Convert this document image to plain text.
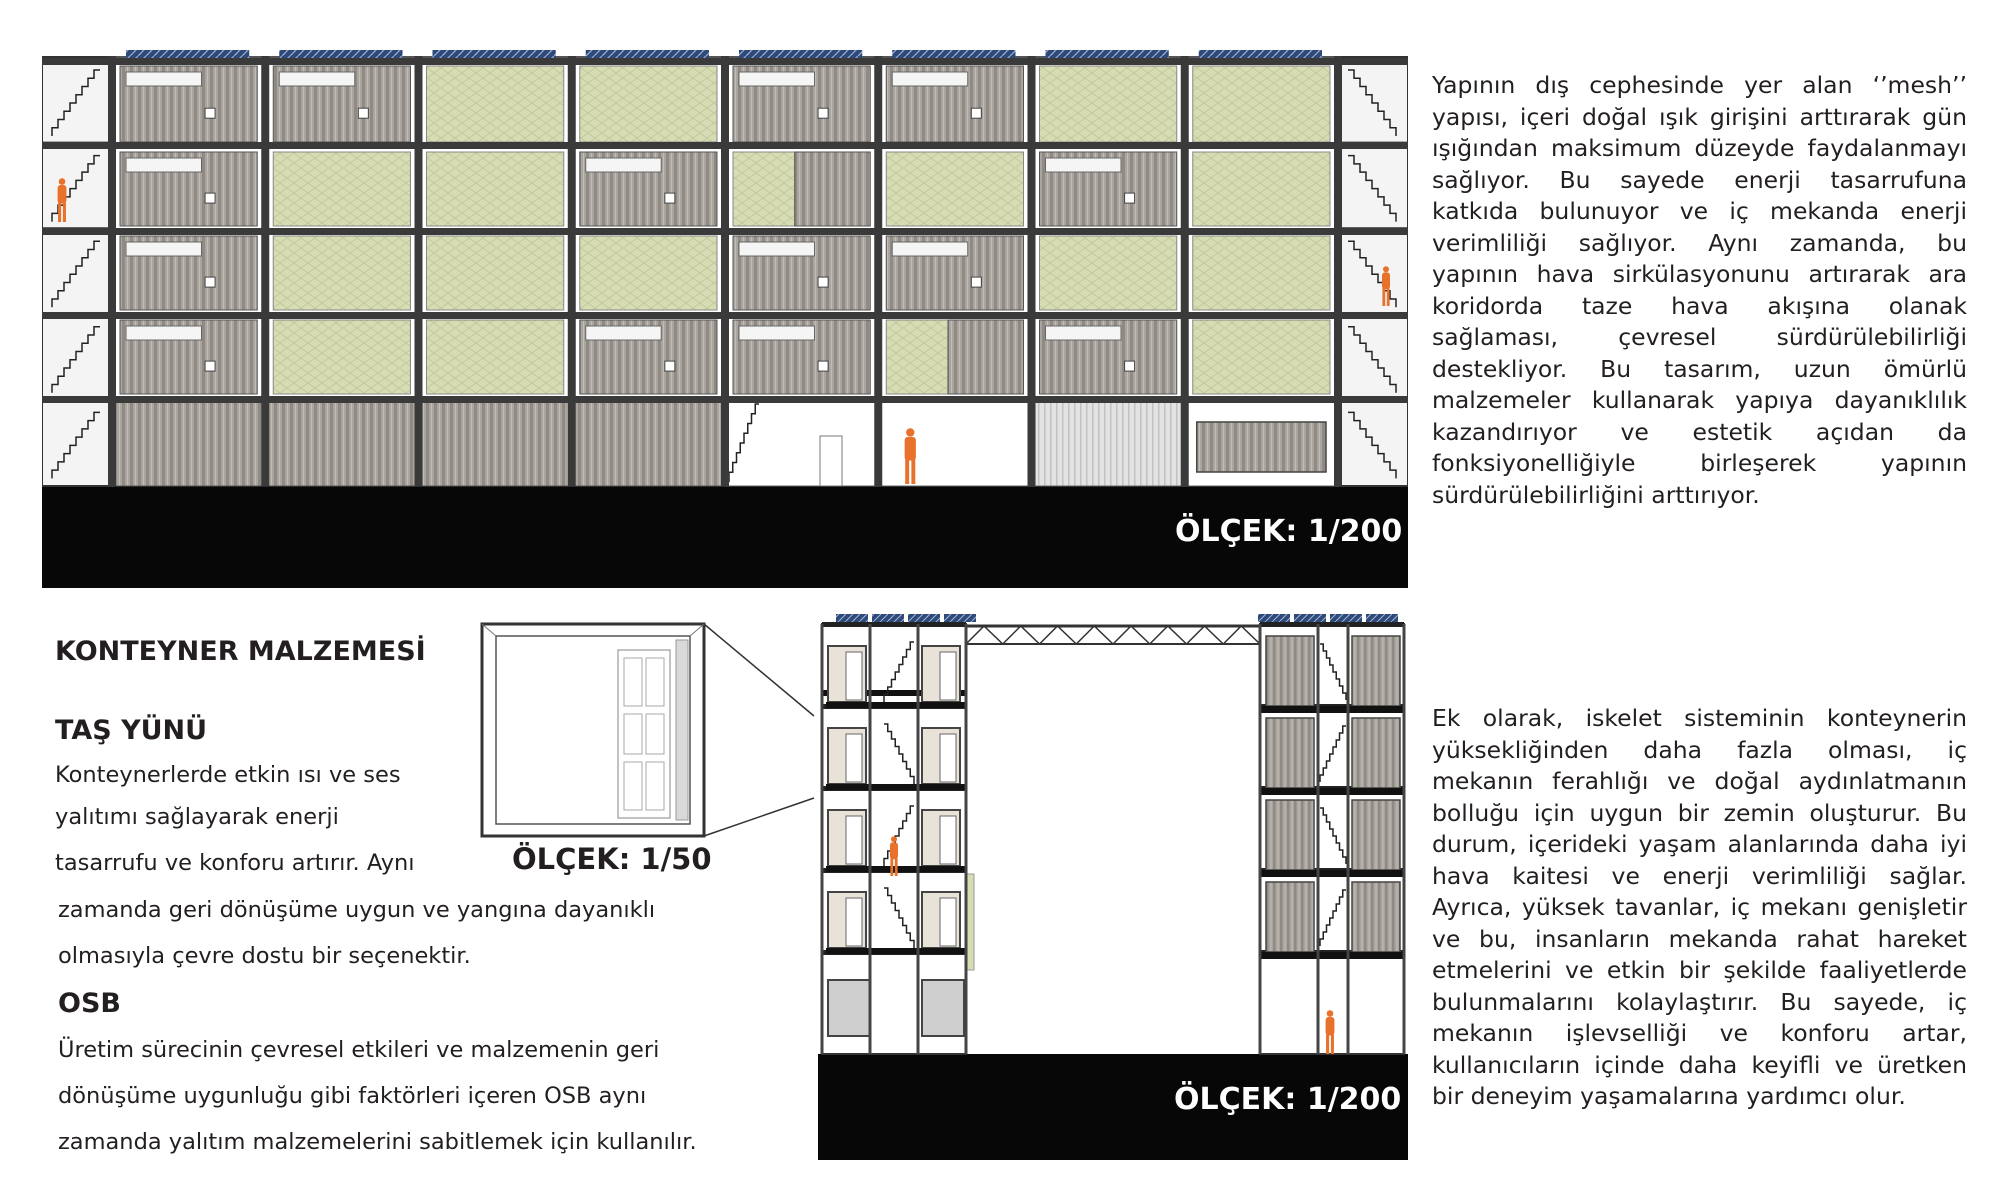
ÖLÇEK: 1/200
Yapının dış cephesinde yer alan ‘’mesh’’
yapısı, içeri doğal ışık girişini arttırarak gün
ışığından maksimum düzeyde faydalanmayı
sağlıyor. Bu sayede enerji tasarrufuna
katkıda bulunuyor ve iç mekanda enerji
verimliliği sağlıyor. Aynı zamanda, bu
yapının hava sirkülasyonunu artırarak ara
koridorda taze hava akışına olanak
sağlaması, çevresel sürdürülebilirliği
destekliyor. Bu tasarım, uzun ömürlü
malzemeler kullanarak yapıya dayanıklılık
kazandırıyor ve estetik açıdan da
fonksiyonelliğiyle birleşerek yapının
sürdürülebilirliğini arttırıyor.
KONTEYNER MALZEMESİ
TAŞ YÜNÜ
Konteynerlerde etkin ısı ve ses
yalıtımı sağlayarak enerji
tasarrufu ve konforu artırır. Aynı
zamanda geri dönüşüme uygun ve yangına dayanıklı
olmasıyla çevre dostu bir seçenektir.
OSB
Üretim sürecinin çevresel etkileri ve malzemenin geri
dönüşüme uygunluğu gibi faktörleri içeren OSB aynı
zamanda yalıtım malzemelerini sabitlemek için kullanılır.
ÖLÇEK: 1/50
ÖLÇEK: 1/200
Ek olarak, iskelet sisteminin konteynerin
yüksekliğinden daha fazla olması, iç
mekanın ferahlığı ve doğal aydınlatmanın
bolluğu için uygun bir zemin oluşturur. Bu
durum, içerideki yaşam alanlarında daha iyi
hava kaitesi ve enerji verimliliği sağlar.
Ayrıca, yüksek tavanlar, iç mekanı genişletir
ve bu, insanların mekanda rahat hareket
etmelerini ve etkin bir şekilde faaliyetlerde
bulunmalarını kolaylaştırır. Bu sayede, iç
mekanın işlevselliği ve konforu artar,
kullanıcıların içinde daha keyifli ve üretken
bir deneyim yaşamalarına yardımcı olur.
